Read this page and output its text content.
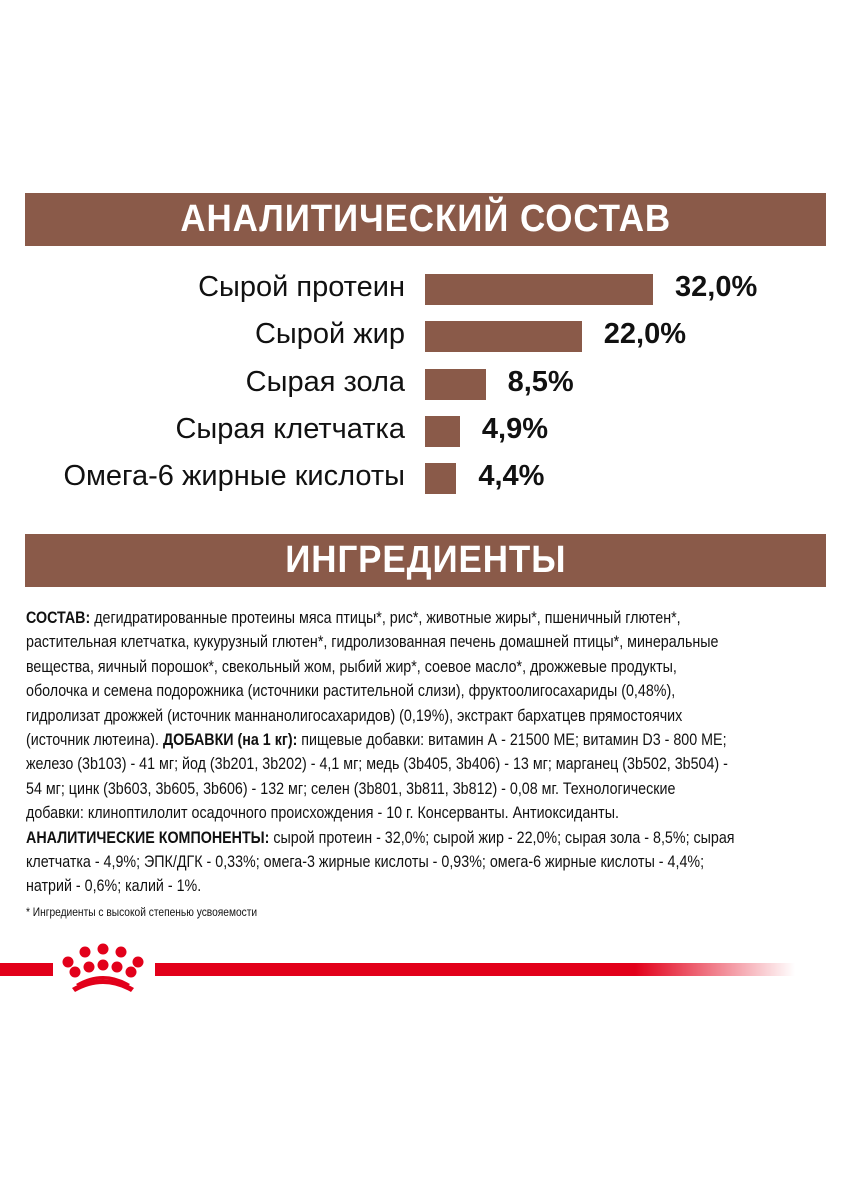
АНАЛИТИЧЕСКИЙ СОСТАВ
Сырой протеин	32,0%
Сырой жир	22,0%
Сырая зола	8,5%
Сырая клетчатка	4,9%
Омега-6 жирные кислоты	4,4%
ИНГРЕДИЕНТЫ
СОСТАВ: дегидратированные протеины мяса птицы*, рис*, животные жиры*, пшеничный глютен*,
растительная клетчатка, кукурузный глютен*, гидролизованная печень домашней птицы*, минеральные
вещества, яичный порошок*, свекольный жом, рыбий жир*, соевое масло*, дрожжевые продукты,
оболочка и семена подорожника (источники растительной слизи), фруктоолигосахариды (0,48%),
гидролизат дрожжей (источник маннанолигосахаридов) (0,19%), экстракт бархатцев прямостоячих
(источник лютеина). ДОБАВКИ (на 1 кг): пищевые добавки: витамин А - 21500 МЕ; витамин D3 - 800 МЕ;
железо (3b103) - 41 мг; йод (3b201, 3b202) - 4,1 мг; медь (3b405, 3b406) - 13 мг; марганец (3b502, 3b504) -
54 мг; цинк (3b603, 3b605, 3b606) - 132 мг; селен (3b801, 3b811, 3b812) - 0,08 мг. Технологические
добавки: клиноптилолит осадочного происхождения - 10 г. Консерванты. Антиоксиданты.
АНАЛИТИЧЕСКИЕ КОМПОНЕНТЫ: сырой протеин - 32,0%; сырой жир - 22,0%; сырая зола - 8,5%; сырая
клетчатка - 4,9%; ЭПК/ДГК - 0,33%; омега-3 жирные кислоты - 0,93%; омега-6 жирные кислоты - 4,4%;
натрий - 0,6%; калий - 1%.
* Ингредиенты с высокой степенью усвояемости
